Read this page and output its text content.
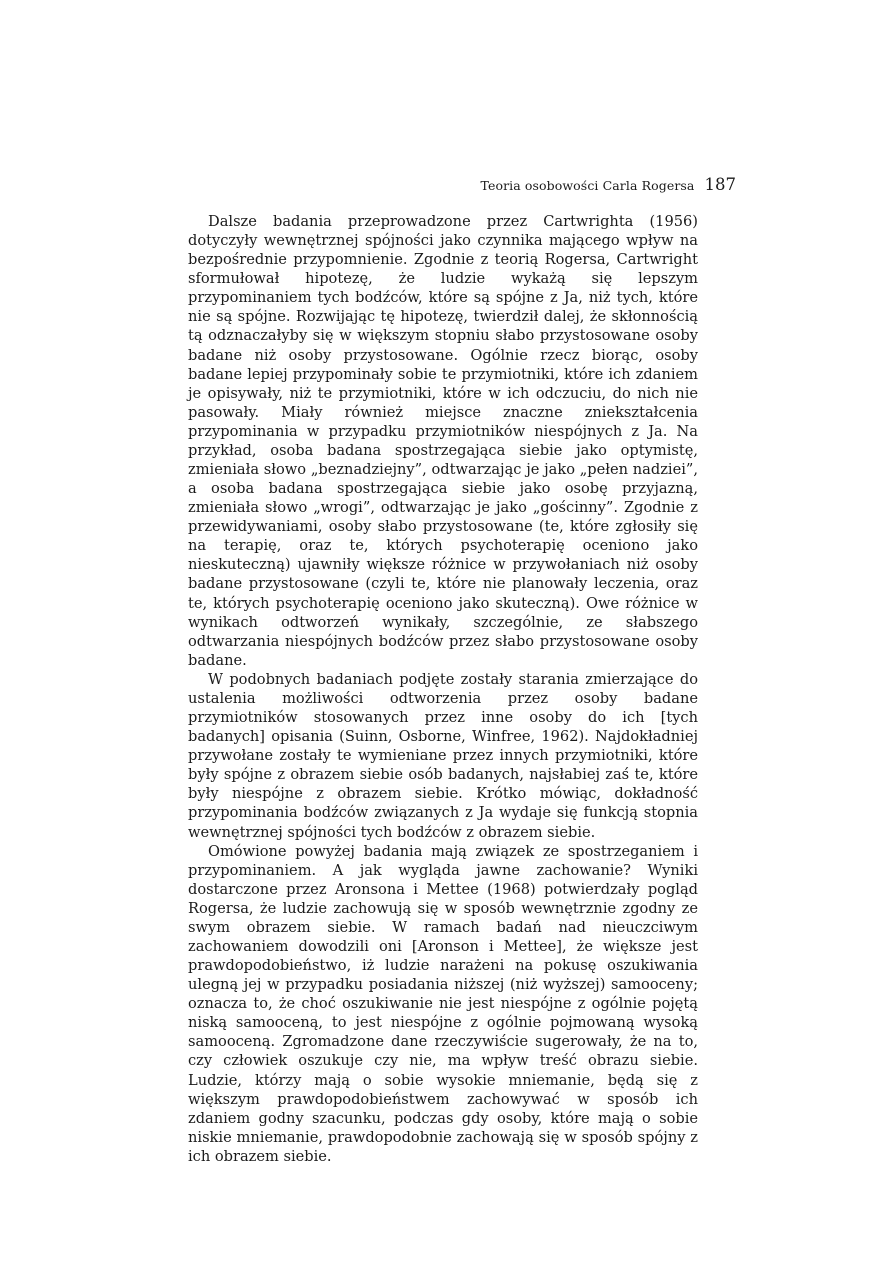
Teoria osobowości Carla Rogersa 187

Dalsze badania przeprowadzone przez Cartwrighta (1956) dotyczyły wewnętrznej spójności jako czynnika mającego wpływ na bezpośrednie przypomnienie. Zgodnie z teorią Rogersa, Cartwright sformułował hipotezę, że ludzie wykażą się lepszym przypominaniem tych bodźców, które są spójne z Ja, niż tych, które nie są spójne. Rozwijając tę hipotezę, twierdził dalej, że skłonnością tą odznaczałyby się w większym stopniu słabo przystosowane osoby badane niż osoby przystosowane. Ogólnie rzecz biorąc, osoby badane lepiej przypominały sobie te przymiotniki, które ich zdaniem je opisywały, niż te przymiotniki, które w ich odczuciu, do nich nie pasowały. Miały również miejsce znaczne zniekształcenia przypominania w przypadku przymiotników niespójnych z Ja. Na przykład, osoba badana spostrzegająca siebie jako optymistę, zmieniała słowo „beznadziejny”, odtwarzając je jako „pełen nadziei”, a osoba badana spostrzegająca siebie jako osobę przyjazną, zmieniała słowo „wrogi”, odtwarzając je jako „gościnny”. Zgodnie z przewidywaniami, osoby słabo przystosowane (te, które zgłosiły się na terapię, oraz te, których psychoterapię oceniono jako nieskuteczną) ujawniły większe różnice w przywołaniach niż osoby badane przystosowane (czyli te, które nie planowały leczenia, oraz te, których psychoterapię oceniono jako skuteczną). Owe różnice w wynikach odtworzeń wynikały, szczególnie, ze słabszego odtwarzania niespójnych bodźców przez słabo przystosowane osoby badane.

W podobnych badaniach podjęte zostały starania zmierzające do ustalenia możliwości odtworzenia przez osoby badane przymiotników stosowanych przez inne osoby do ich [tych badanych] opisania (Suinn, Osborne, Winfree, 1962). Najdokładniej przywołane zostały te wymieniane przez innych przymiotniki, które były spójne z obrazem siebie osób badanych, najsłabiej zaś te, które były niespójne z obrazem siebie. Krótko mówiąc, dokładność przypominania bodźców związanych z Ja wydaje się funkcją stopnia wewnętrznej spójności tych bodźców z obrazem siebie.

Omówione powyżej badania mają związek ze spostrzeganiem i przypominaniem. A jak wygląda jawne zachowanie? Wyniki dostarczone przez Aronsona i Mettee (1968) potwierdzały pogląd Rogersa, że ludzie zachowują się w sposób wewnętrznie zgodny ze swym obrazem siebie. W ramach badań nad nieuczciwym zachowaniem dowodzili oni [Aronson i Mettee], że większe jest prawdopodobieństwo, iż ludzie narażeni na pokusę oszukiwania ulegną jej w przypadku posiadania niższej (niż wyższej) samooceny; oznacza to, że choć oszukiwanie nie jest niespójne z ogólnie pojętą niską samooceną, to jest niespójne z ogólnie pojmowaną wysoką samooceną. Zgromadzone dane rzeczywiście sugerowały, że na to, czy człowiek oszukuje czy nie, ma wpływ treść obrazu siebie. Ludzie, którzy mają o sobie wysokie mniemanie, będą się z większym prawdopodobieństwem zachowywać w sposób ich zdaniem godny szacunku, podczas gdy osoby, które mają o sobie niskie mniemanie, prawdopodobnie zachowają się w sposób spójny z ich obrazem siebie.
